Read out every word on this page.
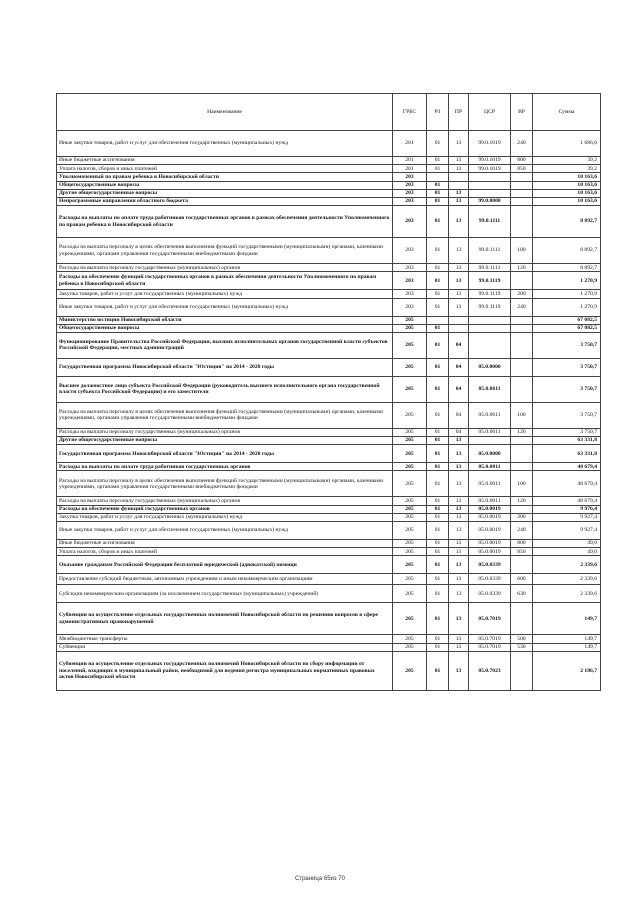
Наименование	ГРБС	РЗ	ПР	ЦСР	ВР	Сумма
Иные закупки товаров, работ и услуг для обеспечения государственных (муниципальных) нужд	201	01	13	99.0.1019	240	1 686,6
Иные бюджетные ассигнования	201	01	13	99.0.1019	800	39,2
Уплата налогов, сборов и иных платежей	201	01	13	99.0.1019	850	39,2
Уполномоченный по правам ребенка в Новосибирской области	203					10 163,6
Общегосударственные вопросы	203	01				10 163,6
Другие общегосударственные вопросы	203	01	13			10 163,6
Непрограммные направления областного бюджета	203	01	13	99.0.0000		10 163,6
Расходы на выплаты по оплате труда работников государственных органов в рамках обеспечения деятельности Уполномоченного по правам ребенка в Новосибирской области	203	01	13	99.0.1111		8 892,7
Расходы на выплаты персоналу в целях обеспечения выполнения функций государственными (муниципальными) органами, казенными учреждениями, органами управления государственными внебюджетными фондами	203	01	13	99.0.1111	100	8 892,7
Расходы на выплаты персоналу государственных (муниципальных) органов	203	01	13	99.0.1111	120	8 892,7
Расходы на обеспечение функций государственных органов в рамках обеспечения деятельности Уполномоченного по правам ребенка в Новосибирской области	203	01	13	99.0.1119		1 270,9
Закупка товаров, работ и услуг для государственных (муниципальных) нужд	203	01	13	99.0.1119	200	1 270,9
Иные закупки товаров, работ и услуг для обеспечения государственных (муниципальных) нужд	203	01	13	99.0.1119	240	1 270,9
Министерство юстиции Новосибирской области	205					67 082,5
Общегосударственные вопросы	205	01				67 082,5
Функционирование Правительства Российской Федерации, высших исполнительных органов государственной власти субъектов Российской Федерации, местных администраций	205	01	04			3 750,7
Государственная программа Новосибирской области "Юстиция" на 2014 - 2020 годы	205	01	04	05.0.0000		3 750,7
Высшее должностное лицо субъекта Российской Федерации (руководитель высшего исполнительного органа государственной власти субъекта Российской Федерации) и его заместители	205	01	04	05.0.0611		3 750,7
Расходы на выплаты персоналу в целях обеспечения выполнения функций государственными (муниципальными) органами, казенными учреждениями, органами управления государственными внебюджетными фондами	205	01	04	05.0.0611	100	3 750,7
Расходы на выплаты персоналу государственных (муниципальных) органов	205	01	04	05.0.0611	120	3 750,7
Другие общегосударственные вопросы	205	01	13			63 331,8
Государственная программа Новосибирской области "Юстиция" на 2014 - 2020 годы	205	01	13	05.0.0000		63 331,8
Расходы на выплаты по оплате труда работников государственных органов	205	01	13	05.0.0011		48 679,4
Расходы на выплаты персоналу в целях обеспечения выполнения функций государственными (муниципальными) органами, казенными учреждениями, органами управления государственными внебюджетными фондами	205	01	13	05.0.0011	100	48 679,4
Расходы на выплаты персоналу государственных (муниципальных) органов	205	01	13	05.0.0011	120	48 679,4
Расходы на обеспечение функций государственных органов	205	01	13	05.0.0019		9 976,4
Закупка товаров, работ и услуг для государственных (муниципальных) нужд	205	01	13	05.0.0019	200	9 927,4
Иные закупки товаров, работ и услуг для обеспечения государственных (муниципальных) нужд	205	01	13	05.0.0019	240	9 927,4
Иные бюджетные ассигнования	205	01	13	05.0.0019	800	49,0
Уплата налогов, сборов и иных платежей	205	01	13	05.0.0019	850	49,0
Оказание гражданам Российской Федерации бесплатной юридической (адвокатской) помощи	205	01	13	05.0.0339		2 339,6
Предоставление субсидий бюджетным, автономным учреждениям и иным некоммерческим организациям	205	01	13	05.0.0339	600	2 339,6
Субсидии некоммерческим организациям (за исключением государственных (муниципальных) учреждений)	205	01	13	05.0.0339	630	2 339,6
Субвенции на осуществление отдельных государственных полномочий Новосибирской области по решению вопросов в сфере административных правонарушений	205	01	13	05.0.7019		149,7
Межбюджетные трансферты	205	01	13	05.0.7019	500	149,7
Субвенции	205	01	13	05.0.7019	530	149,7
Субвенции на осуществление отдельных государственных полномочий Новосибирской области по сбору информации от поселений, входящих в муниципальный район, необходимой для ведения регистра муниципальных нормативных правовых актов Новосибирской области	205	01	13	05.0.7023		2 186,7
Страница 65из 70
